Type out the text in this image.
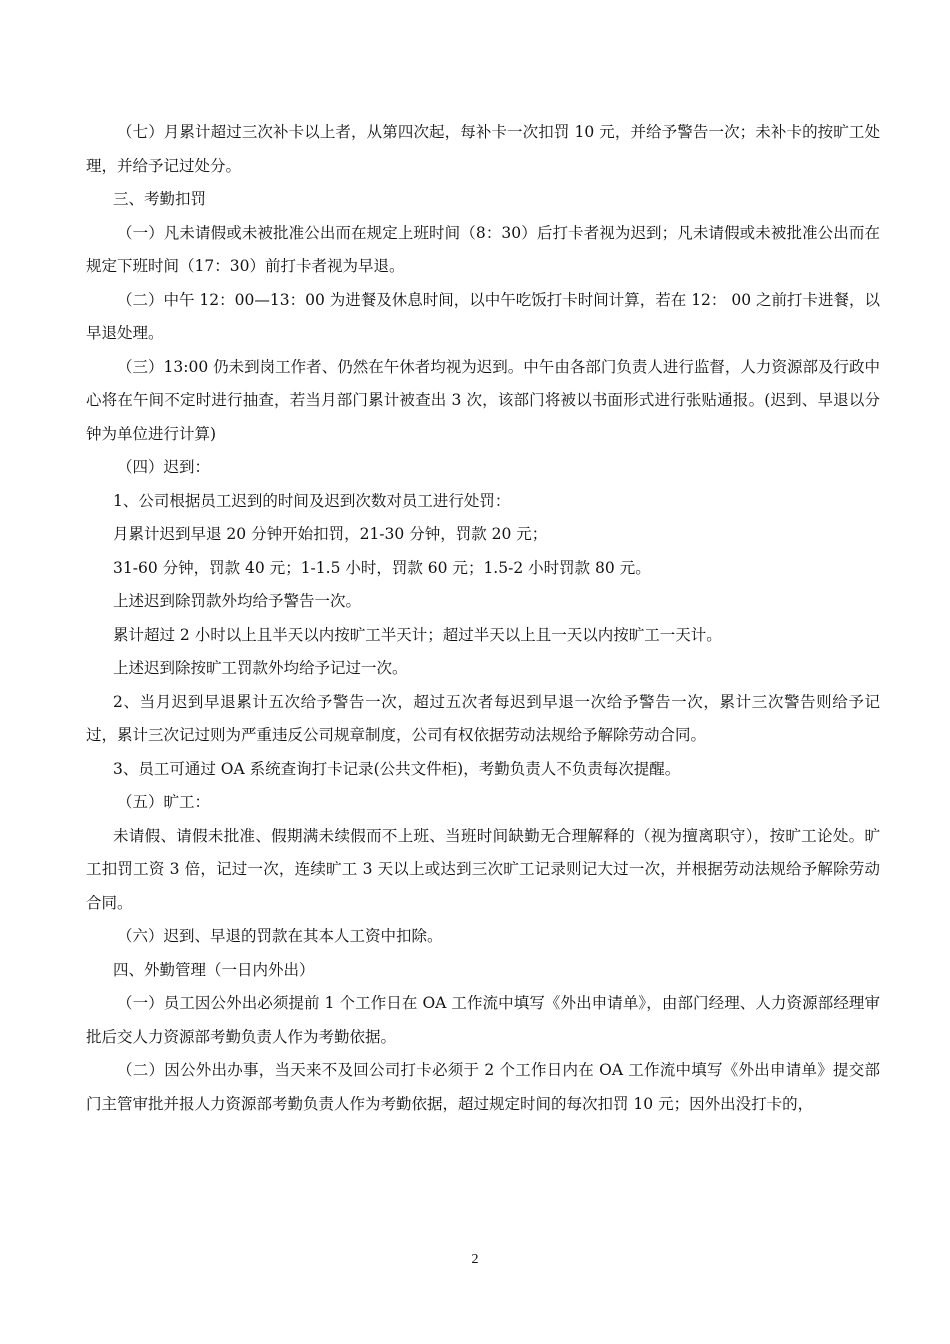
（七）月累计超过三次补卡以上者，从第四次起，每补卡一次扣罚 10 元，并给予警告一次；未补卡的按旷工处理，并给予记过处分。

三、考勤扣罚

（一）凡未请假或未被批准公出而在规定上班时间（8：30）后打卡者视为迟到；凡未请假或未被批准公出而在规定下班时间（17：30）前打卡者视为早退。

（二）中午 12：00—13：00 为进餐及休息时间，以中午吃饭打卡时间计算，若在 12： 00 之前打卡进餐，以早退处理。

（三）13:00 仍未到岗工作者、仍然在午休者均视为迟到。中午由各部门负责人进行监督，人力资源部及行政中心将在午间不定时进行抽查，若当月部门累计被查出 3 次，该部门将被以书面形式进行张贴通报。(迟到、早退以分钟为单位进行计算)

（四）迟到：

1、公司根据员工迟到的时间及迟到次数对员工进行处罚：

月累计迟到早退 20 分钟开始扣罚，21-30 分钟，罚款 20 元；

31-60 分钟，罚款 40 元；1-1.5 小时，罚款 60 元；1.5-2 小时罚款 80 元。

上述迟到除罚款外均给予警告一次。

累计超过 2 小时以上且半天以内按旷工半天计；超过半天以上且一天以内按旷工一天计。

上述迟到除按旷工罚款外均给予记过一次。

2、当月迟到早退累计五次给予警告一次，超过五次者每迟到早退一次给予警告一次，累计三次警告则给予记过，累计三次记过则为严重违反公司规章制度，公司有权依据劳动法规给予解除劳动合同。

3、员工可通过 OA 系统查询打卡记录(公共文件柜)，考勤负责人不负责每次提醒。

（五）旷工：

未请假、请假未批准、假期满未续假而不上班、当班时间缺勤无合理解释的（视为擅离职守），按旷工论处。旷工扣罚工资 3 倍，记过一次，连续旷工 3 天以上或达到三次旷工记录则记大过一次，并根据劳动法规给予解除劳动合同。

（六）迟到、早退的罚款在其本人工资中扣除。

四、外勤管理（一日内外出）

（一）员工因公外出必须提前 1 个工作日在 OA 工作流中填写《外出申请单》，由部门经理、人力资源部经理审批后交人力资源部考勤负责人作为考勤依据。

（二）因公外出办事，当天来不及回公司打卡必须于 2 个工作日内在 OA 工作流中填写《外出申请单》提交部门主管审批并报人力资源部考勤负责人作为考勤依据，超过规定时间的每次扣罚 10 元；因外出没打卡的，

2
